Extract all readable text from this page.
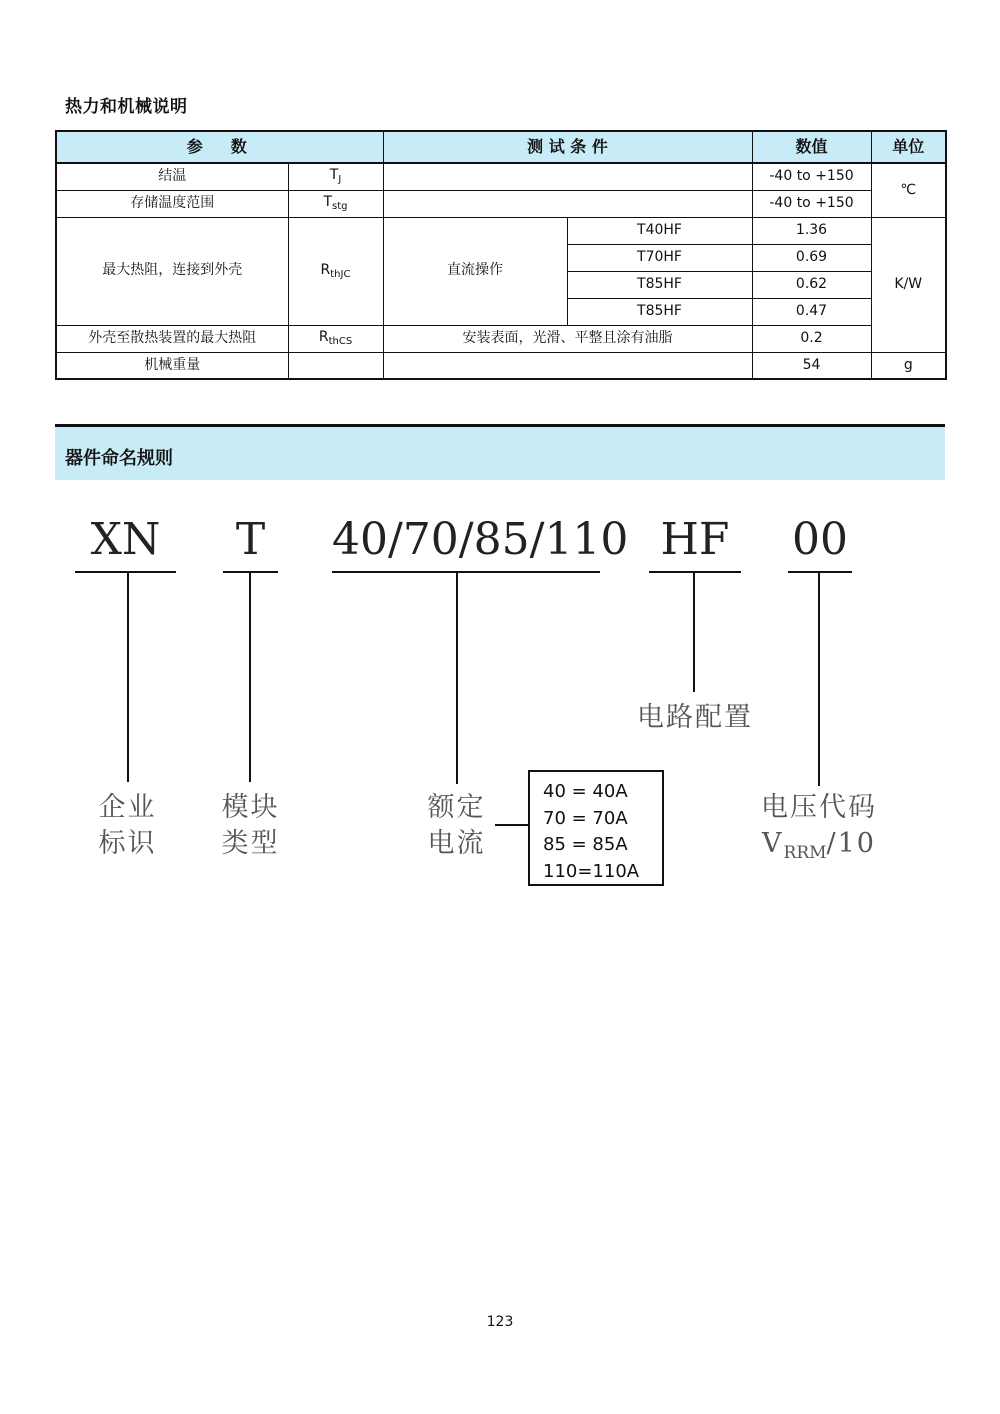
热力和机械说明
参　数		测 试 条 件		数值	单位
结温	$T_J$			-40 to +150	℃
存储温度范围	$T_{stg}$			-40 to +150	
最大热阻，连接到外壳	$R_{thJC}$	直流操作	T40HF	1.36	K/W
			T70HF	0.69	
			T85HF	0.62	
			T85HF	0.47	
外壳至散热装置的最大热阻	$R_{thCS}$	安装表面，光滑、平整且涂有油脂		0.2	
机械重量				54	g
器件命名规则
XN	T 40/70/85/110 HF 00
企业
标识
模块
类型
额定
电流
电路配置
电压代码
$V_{RRM}/10$
40 = 40A
70 = 70A
85 = 85A
110=110A
123
